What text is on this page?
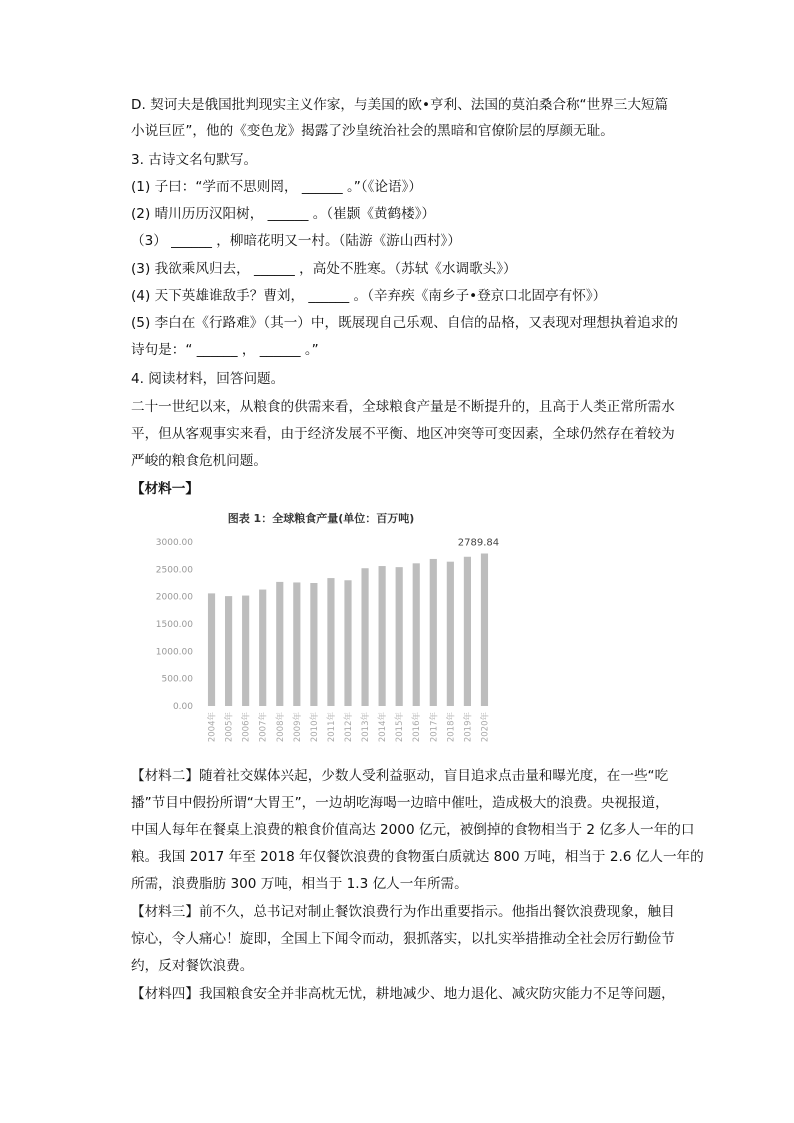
D. 契诃夫是俄国批判现实主义作家，与美国的欧•亨利、法国的莫泊桑合称“世界三大短篇
小说巨匠”，他的《变色龙》揭露了沙皇统治社会的黑暗和官僚阶层的厚颜无耻。
3. 古诗文名句默写。
(1) 子曰：“学而不思则罔， ______ 。”（《论语》）
(2) 晴川历历汉阳树， ______ 。（崔颢《黄鹤楼》）
（3） ______ ，柳暗花明又一村。（陆游《游山西村》）
(3) 我欲乘风归去， ______ ，高处不胜寒。（苏轼《水调歌头》）
(4) 天下英雄谁敌手？曹刘， ______ 。（辛弃疾《南乡子•登京口北固亭有怀》）
(5) 李白在《行路难》（其一）中，既展现自己乐观、自信的品格，又表现对理想执着追求的
诗句是：“ ______ ， ______ 。”
4. 阅读材料，回答问题。
二十一世纪以来，从粮食的供需来看，全球粮食产量是不断提升的，且高于人类正常所需水
平，但从客观事实来看，由于经济发展不平衡、地区冲突等可变因素，全球仍然存在着较为
严峻的粮食危机问题。
【材料一】
图表 1：全球粮食产量(单位：百万吨)
3000.00
2500.00
2000.00
1500.00
1000.00
500.00
0.00
2004年 2005年 2006年 2007年 2008年 2009年 2010年 2011年 2012年 2013年 2014年 2015年 2016年 2017年 2018年 2019年 2020年
2789.84
【材料二】随着社交媒体兴起，少数人受利益驱动，盲目追求点击量和曝光度，在一些“吃
播”节目中假扮所谓“大胃王”，一边胡吃海喝一边暗中催吐，造成极大的浪费。央视报道，
中国人每年在餐桌上浪费的粮食价值高达 2000 亿元，被倒掉的食物相当于 2 亿多人一年的口
粮。我国 2017 年至 2018 年仅餐饮浪费的食物蛋白质就达 800 万吨，相当于 2.6 亿人一年的
所需，浪费脂肪 300 万吨，相当于 1.3 亿人一年所需。
【材料三】前不久，总书记对制止餐饮浪费行为作出重要指示。他指出餐饮浪费现象，触目
惊心，令人痛心！旋即，全国上下闻令而动，狠抓落实，以扎实举措推动全社会厉行勤俭节
约，反对餐饮浪费。
【材料四】我国粮食安全并非高枕无忧，耕地减少、地力退化、减灾防灾能力不足等问题，
